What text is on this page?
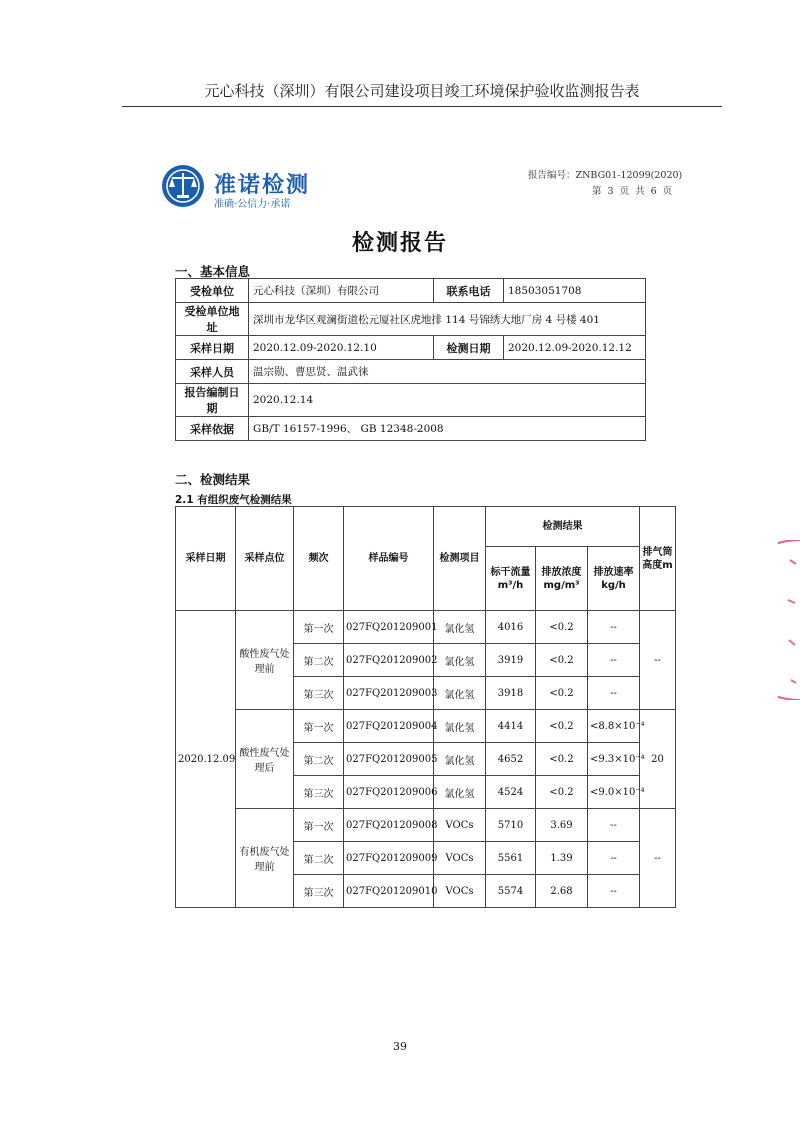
元心科技（深圳）有限公司建设项目竣工环境保护验收监测报告表
准诺检测
准确·公信力·承诺
报告编号：ZNBG01-12099(2020)
第 3 页 共 6 页
检测报告
一、基本信息
受检单位	元心科技（深圳）有限公司	联系电话	18503051708
受检单位地址	深圳市龙华区观澜街道松元厦社区虎地排 114 号锦绣大地厂房 4 号楼 401		
采样日期	2020.12.09-2020.12.10	检测日期	2020.12.09-2020.12.12
采样人员	温宗勋、曹思贤、温武徕		
报告编制日期	2020.12.14		
采样依据	GB/T 16157-1996、 GB 12348-2008		
二、检测结果
2.1 有组织废气检测结果
采样日期	采样点位	频次	样品编号	检测项目	检测结果			排气筒高度m
					标干流量m³/h	排放浓度mg/m³	排放速率kg/h	
2020.12.09	酸性废气处理前	第一次	027FQ201209001	氯化氢	4016	<0.2	--	--
		第二次	027FQ201209002	氯化氢	3919	<0.2	--	
		第三次	027FQ201209003	氯化氢	3918	<0.2	--	
	酸性废气处理后	第一次	027FQ201209004	氯化氢	4414	<0.2	<8.8×10⁻⁴	20
		第二次	027FQ201209005	氯化氢	4652	<0.2	<9.3×10⁻⁴	
		第三次	027FQ201209006	氯化氢	4524	<0.2	<9.0×10⁻⁴	
	有机废气处理前	第一次	027FQ201209008	VOCs	5710	3.69	--	--
		第二次	027FQ201209009	VOCs	5561	1.39	--	
		第三次	027FQ201209010	VOCs	5574	2.68	--	
39
